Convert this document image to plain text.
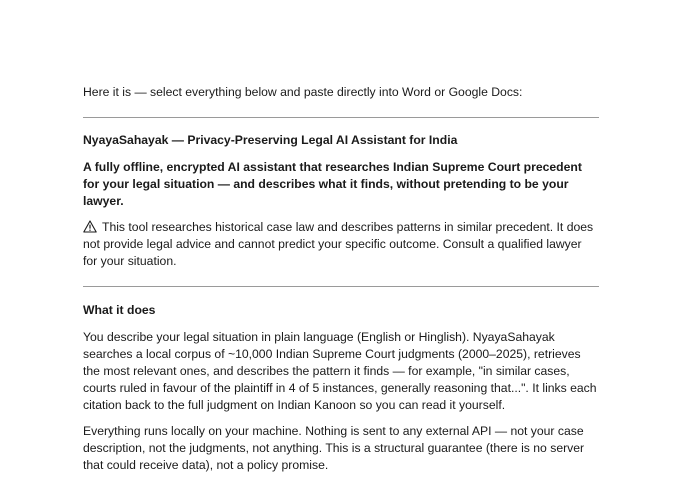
Here it is — select everything below and paste directly into Word or Google Docs:

NyayaSahayak — Privacy-Preserving Legal AI Assistant for India

A fully offline, encrypted AI assistant that researches Indian Supreme Court precedent for your legal situation — and describes what it finds, without pretending to be your lawyer.

This tool researches historical case law and describes patterns in similar precedent. It does not provide legal advice and cannot predict your specific outcome. Consult a qualified lawyer for your situation.

What it does

You describe your legal situation in plain language (English or Hinglish). NyayaSahayak searches a local corpus of ~10,000 Indian Supreme Court judgments (2000–2025), retrieves the most relevant ones, and describes the pattern it finds — for example, "in similar cases, courts ruled in favour of the plaintiff in 4 of 5 instances, generally reasoning that...". It links each citation back to the full judgment on Indian Kanoon so you can read it yourself.

Everything runs locally on your machine. Nothing is sent to any external API — not your case description, not the judgments, not anything. This is a structural guarantee (there is no server that could receive data), not a policy promise.
